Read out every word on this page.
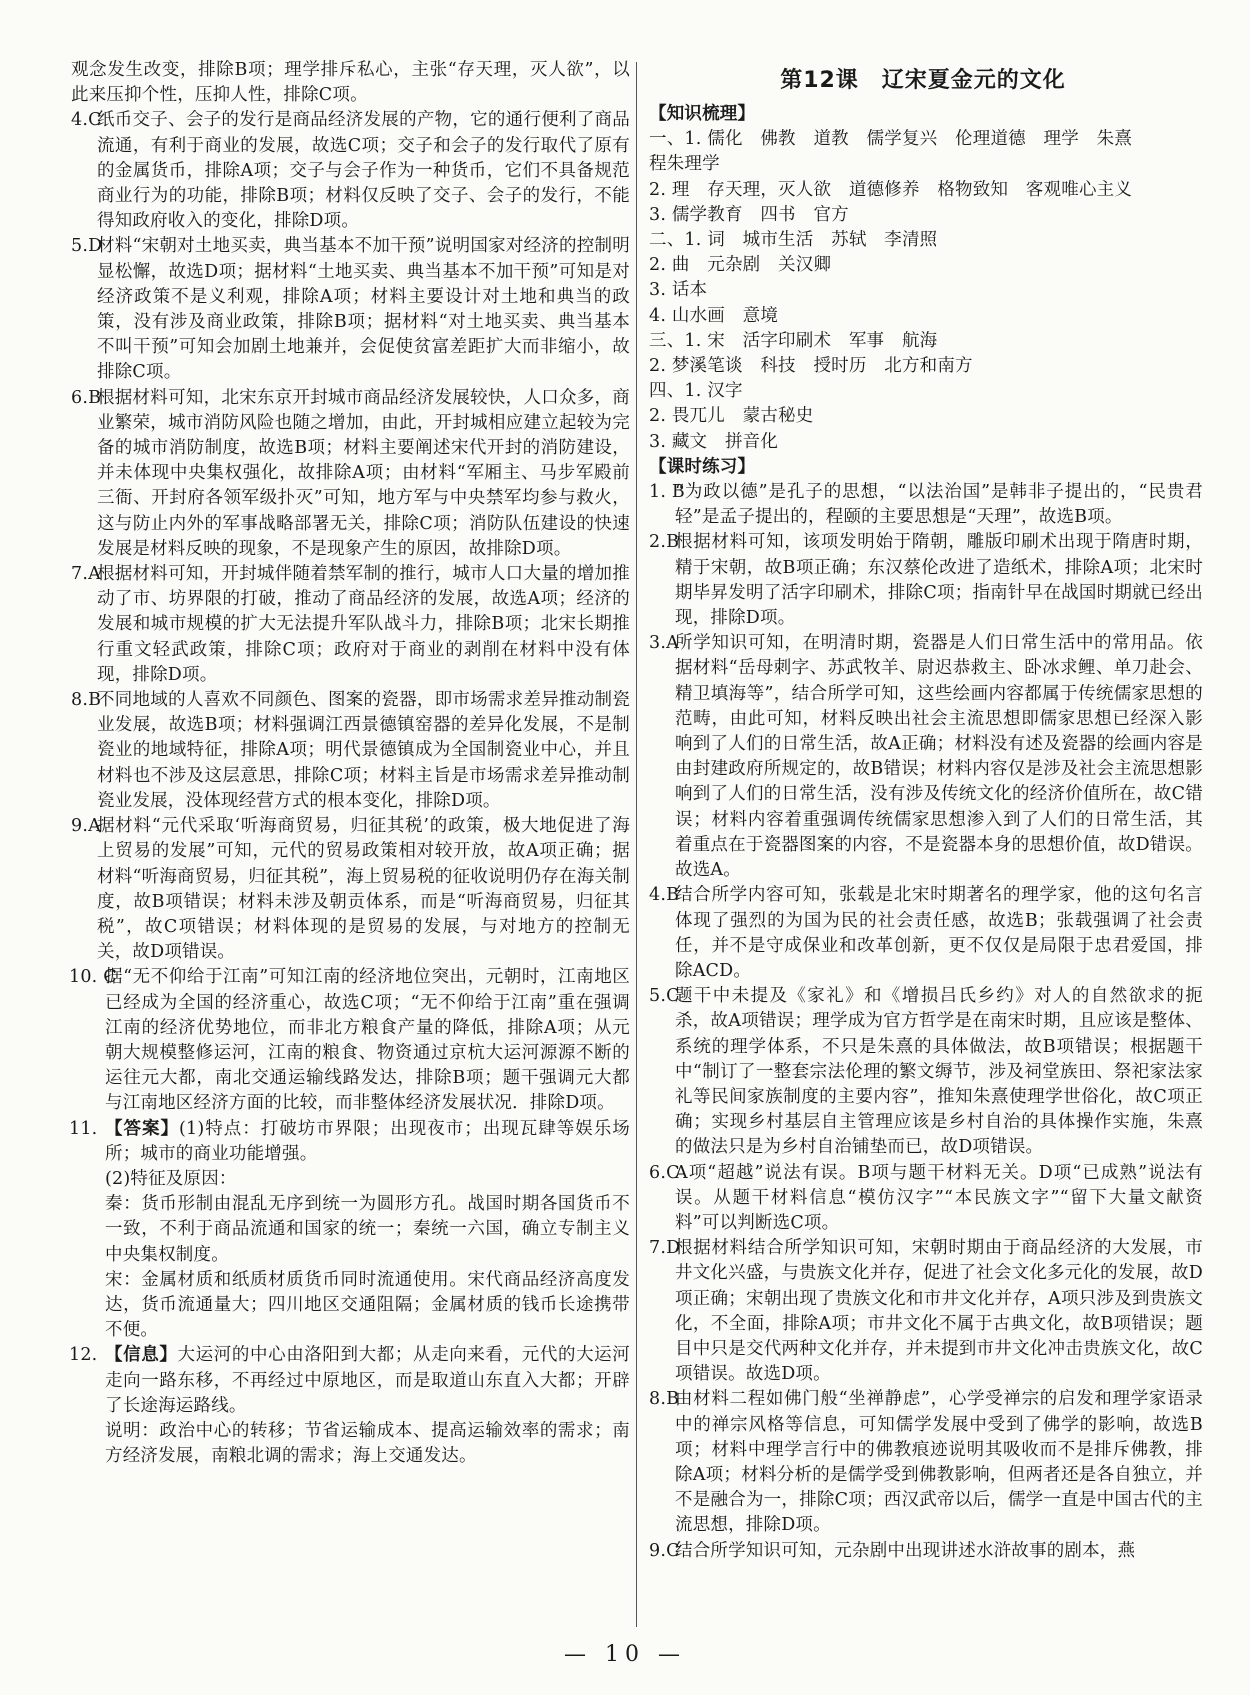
观念发生改变，排除B项；理学排斥私心，主张“存天理，灭人欲”，以此来压抑个性，压抑人性，排除C项。

4.C
纸币交子、会子的发行是商品经济发展的产物，它的通行便利了商品流通，有利于商业的发展，故选C项；交子和会子的发行取代了原有的金属货币，排除A项；交子与会子作为一种货币，它们不具备规范商业行为的功能，排除B项；材料仅反映了交子、会子的发行，不能得知政府收入的变化，排除D项。
5.D
材料“宋朝对土地买卖，典当基本不加干预”说明国家对经济的控制明显松懈，故选D项；据材料“土地买卖、典当基本不加干预”可知是对经济政策不是义利观，排除A项；材料主要设计对土地和典当的政策，没有涉及商业政策，排除B项；据材料“对土地买卖、典当基本不叫干预”可知会加剧土地兼并，会促使贫富差距扩大而非缩小，故排除C项。
6.B
根据材料可知，北宋东京开封城市商品经济发展较快，人口众多，商业繁荣，城市消防风险也随之增加，由此，开封城相应建立起较为完备的城市消防制度，故选B项；材料主要阐述宋代开封的消防建设，并未体现中央集权强化，故排除A项；由材料“军厢主、马步军殿前三衙、开封府各领军级扑灭”可知，地方军与中央禁军均参与救火，这与防止内外的军事战略部署无关，排除C项；消防队伍建设的快速发展是材料反映的现象，不是现象产生的原因，故排除D项。
7.A
根据材料可知，开封城伴随着禁军制的推行，城市人口大量的增加推动了市、坊界限的打破，推动了商品经济的发展，故选A项；经济的发展和城市规模的扩大无法提升军队战斗力，排除B项；北宋长期推行重文轻武政策，排除C项；政府对于商业的剥削在材料中没有体现，排除D项。
8.B
不同地域的人喜欢不同颜色、图案的瓷器，即市场需求差异推动制瓷业发展，故选B项；材料强调江西景德镇窑器的差异化发展，不是制瓷业的地域特征，排除A项；明代景德镇成为全国制瓷业中心，并且材料也不涉及这层意思，排除C项；材料主旨是市场需求差异推动制瓷业发展，没体现经营方式的根本变化，排除D项。
9.A
据材料“元代采取‘听海商贸易，归征其税’的政策，极大地促进了海上贸易的发展”可知，元代的贸易政策相对较开放，故A项正确；据材料“听海商贸易，归征其税”，海上贸易税的征收说明仍存在海关制度，故B项错误；材料未涉及朝贡体系，而是“听海商贸易，归征其税”，故C项错误；材料体现的是贸易的发展，与对地方的控制无关，故D项错误。
10. C
据“无不仰给于江南”可知江南的经济地位突出，元朝时，江南地区已经成为全国的经济重心，故选C项；“无不仰给于江南”重在强调江南的经济优势地位，而非北方粮食产量的降低，排除A项；从元朝大规模整修运河，江南的粮食、物资通过京杭大运河源源不断的运往元大都，南北交通运输线路发达，排除B项；题干强调元大都与江南地区经济方面的比较，而非整体经济发展状况．排除D项。
11. 【答案】(1)特点：打破坊市界限；出现夜市；出现瓦肆等娱乐场所；城市的商业功能增强。

(2)特征及原因：

秦：货币形制由混乱无序到统一为圆形方孔。战国时期各国货币不一致，不利于商品流通和国家的统一；秦统一六国，确立专制主义中央集权制度。

宋：金属材质和纸质材质货币同时流通使用。宋代商品经济高度发达，货币流通量大；四川地区交通阻隔；金属材质的钱币长途携带不便。

12. 【信息】大运河的中心由洛阳到大都；从走向来看，元代的大运河走向一路东移，不再经过中原地区，而是取道山东直入大都；开辟了长途海运路线。

说明：政治中心的转移；节省运输成本、提高运输效率的需求；南方经济发展，南粮北调的需求；海上交通发达。

第12课　辽宋夏金元的文化
【知识梳理】
一、1. 儒化　佛教　道教　儒学复兴　伦理道德　理学　朱熹
程朱理学
2. 理　存天理，灭人欲　道德修养　格物致知　客观唯心主义
3. 儒学教育　四书　官方
二、1. 词　城市生活　苏轼　李清照
2. 曲　元杂剧　关汉卿
3. 话本
4. 山水画　意境
三、1. 宋　活字印刷术　军事　航海
2. 梦溪笔谈　科技　授时历　北方和南方
四、1. 汉字
2. 畏兀儿　蒙古秘史
3. 藏文　拼音化
【课时练习】
1. B
“为政以德”是孔子的思想，“以法治国”是韩非子提出的，“民贵君轻”是孟子提出的，程颐的主要思想是“天理”，故选B项。
2.B
根据材料可知，该项发明始于隋朝，雕版印刷术出现于隋唐时期，精于宋朝，故B项正确；东汉蔡伦改进了造纸术，排除A项；北宋时期毕昇发明了活字印刷术，排除C项；指南针早在战国时期就已经出现，排除D项。
3.A
所学知识可知，在明清时期，瓷器是人们日常生活中的常用品。依据材料“岳母刺字、苏武牧羊、尉迟恭救主、卧冰求鲤、单刀赴会、精卫填海等”，结合所学可知，这些绘画内容都属于传统儒家思想的范畴，由此可知，材料反映出社会主流思想即儒家思想已经深入影响到了人们的日常生活，故A正确；材料没有述及瓷器的绘画内容是由封建政府所规定的，故B错误；材料内容仅是涉及社会主流思想影响到了人们的日常生活，没有涉及传统文化的经济价值所在，故C错误；材料内容着重强调传统儒家思想渗入到了人们的日常生活，其着重点在于瓷器图案的内容，不是瓷器本身的思想价值，故D错误。故选A。
4.B
结合所学内容可知，张载是北宋时期著名的理学家，他的这句名言体现了强烈的为国为民的社会责任感，故选B；张载强调了社会责任，并不是守成保业和改革创新，更不仅仅是局限于忠君爱国，排除ACD。
5.C
题干中未提及《家礼》和《增损吕氏乡约》对人的自然欲求的扼杀，故A项错误；理学成为官方哲学是在南宋时期，且应该是整体、系统的理学体系，不只是朱熹的具体做法，故B项错误；根据题干中“制订了一整套宗法伦理的繁文缛节，涉及祠堂族田、祭祀家法家礼等民间家族制度的主要内容”，推知朱熹使理学世俗化，故C项正确；实现乡村基层自主管理应该是乡村自治的具体操作实施，朱熹的做法只是为乡村自治铺垫而已，故D项错误。
6.C
A项“超越”说法有误。B项与题干材料无关。D项“已成熟”说法有误。从题干材料信息“模仿汉字”“本民族文字”“留下大量文献资料”可以判断选C项。
7.D
根据材料结合所学知识可知，宋朝时期由于商品经济的大发展，市井文化兴盛，与贵族文化并存，促进了社会文化多元化的发展，故D项正确；宋朝出现了贵族文化和市井文化并存，A项只涉及到贵族文化，不全面，排除A项；市井文化不属于古典文化，故B项错误；题目中只是交代两种文化并存，并未提到市井文化冲击贵族文化，故C项错误。故选D项。
8.B
由材料二程如佛门般“坐禅静虑”，心学受禅宗的启发和理学家语录中的禅宗风格等信息，可知儒学发展中受到了佛学的影响，故选B项；材料中理学言行中的佛教痕迹说明其吸收而不是排斥佛教，排除A项；材料分析的是儒学受到佛教影响，但两者还是各自独立，并不是融合为一，排除C项；西汉武帝以后，儒学一直是中国古代的主流思想，排除D项。
9.C
结合所学知识可知，元杂剧中出现讲述水浒故事的剧本，燕
— 10 —
